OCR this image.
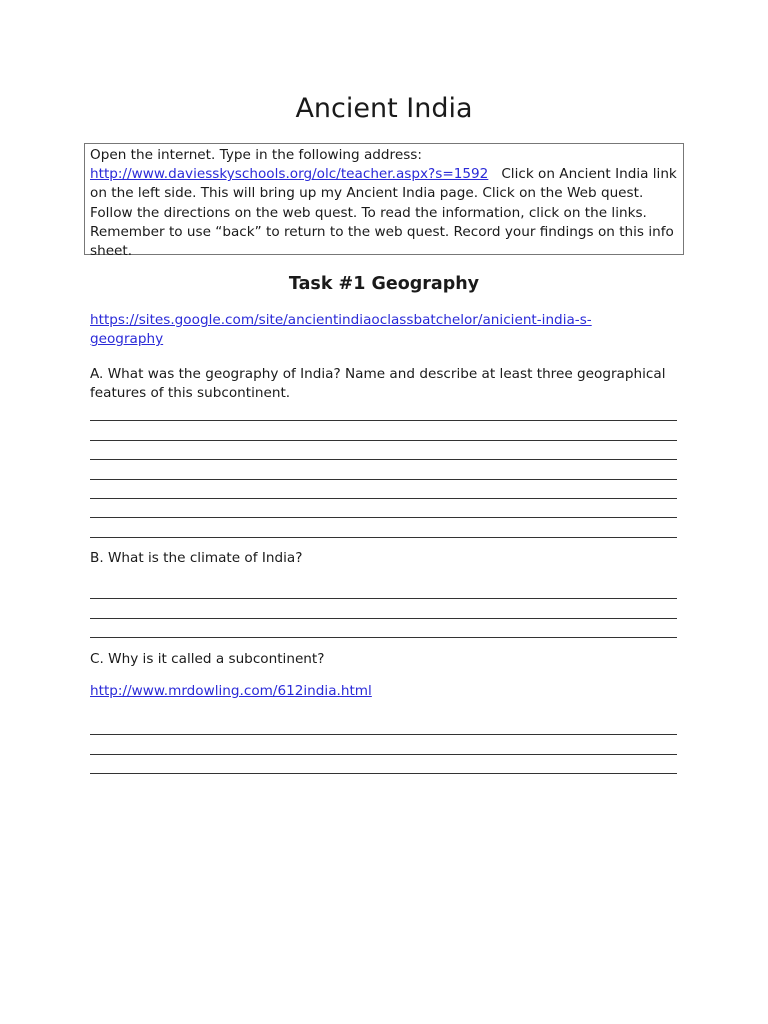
Ancient India

Open the internet. Type in the following address:
http://www.daviesskyschools.org/olc/teacher.aspx?s=1592 Click on Ancient India link on the left side. This will bring up my Ancient India page. Click on the Web quest. Follow the directions on the web quest. To read the information, click on the links. Remember to use “back” to return to the web quest. Record your findings on this info sheet.

Task #1 Geography

https://sites.google.com/site/ancientindiaoclassbatchelor/anicient-india-s-
geography

A. What was the geography of India? Name and describe at least three geographical features of this subcontinent.

B. What is the climate of India?

C. Why is it called a subcontinent?

http://www.mrdowling.com/612india.html
